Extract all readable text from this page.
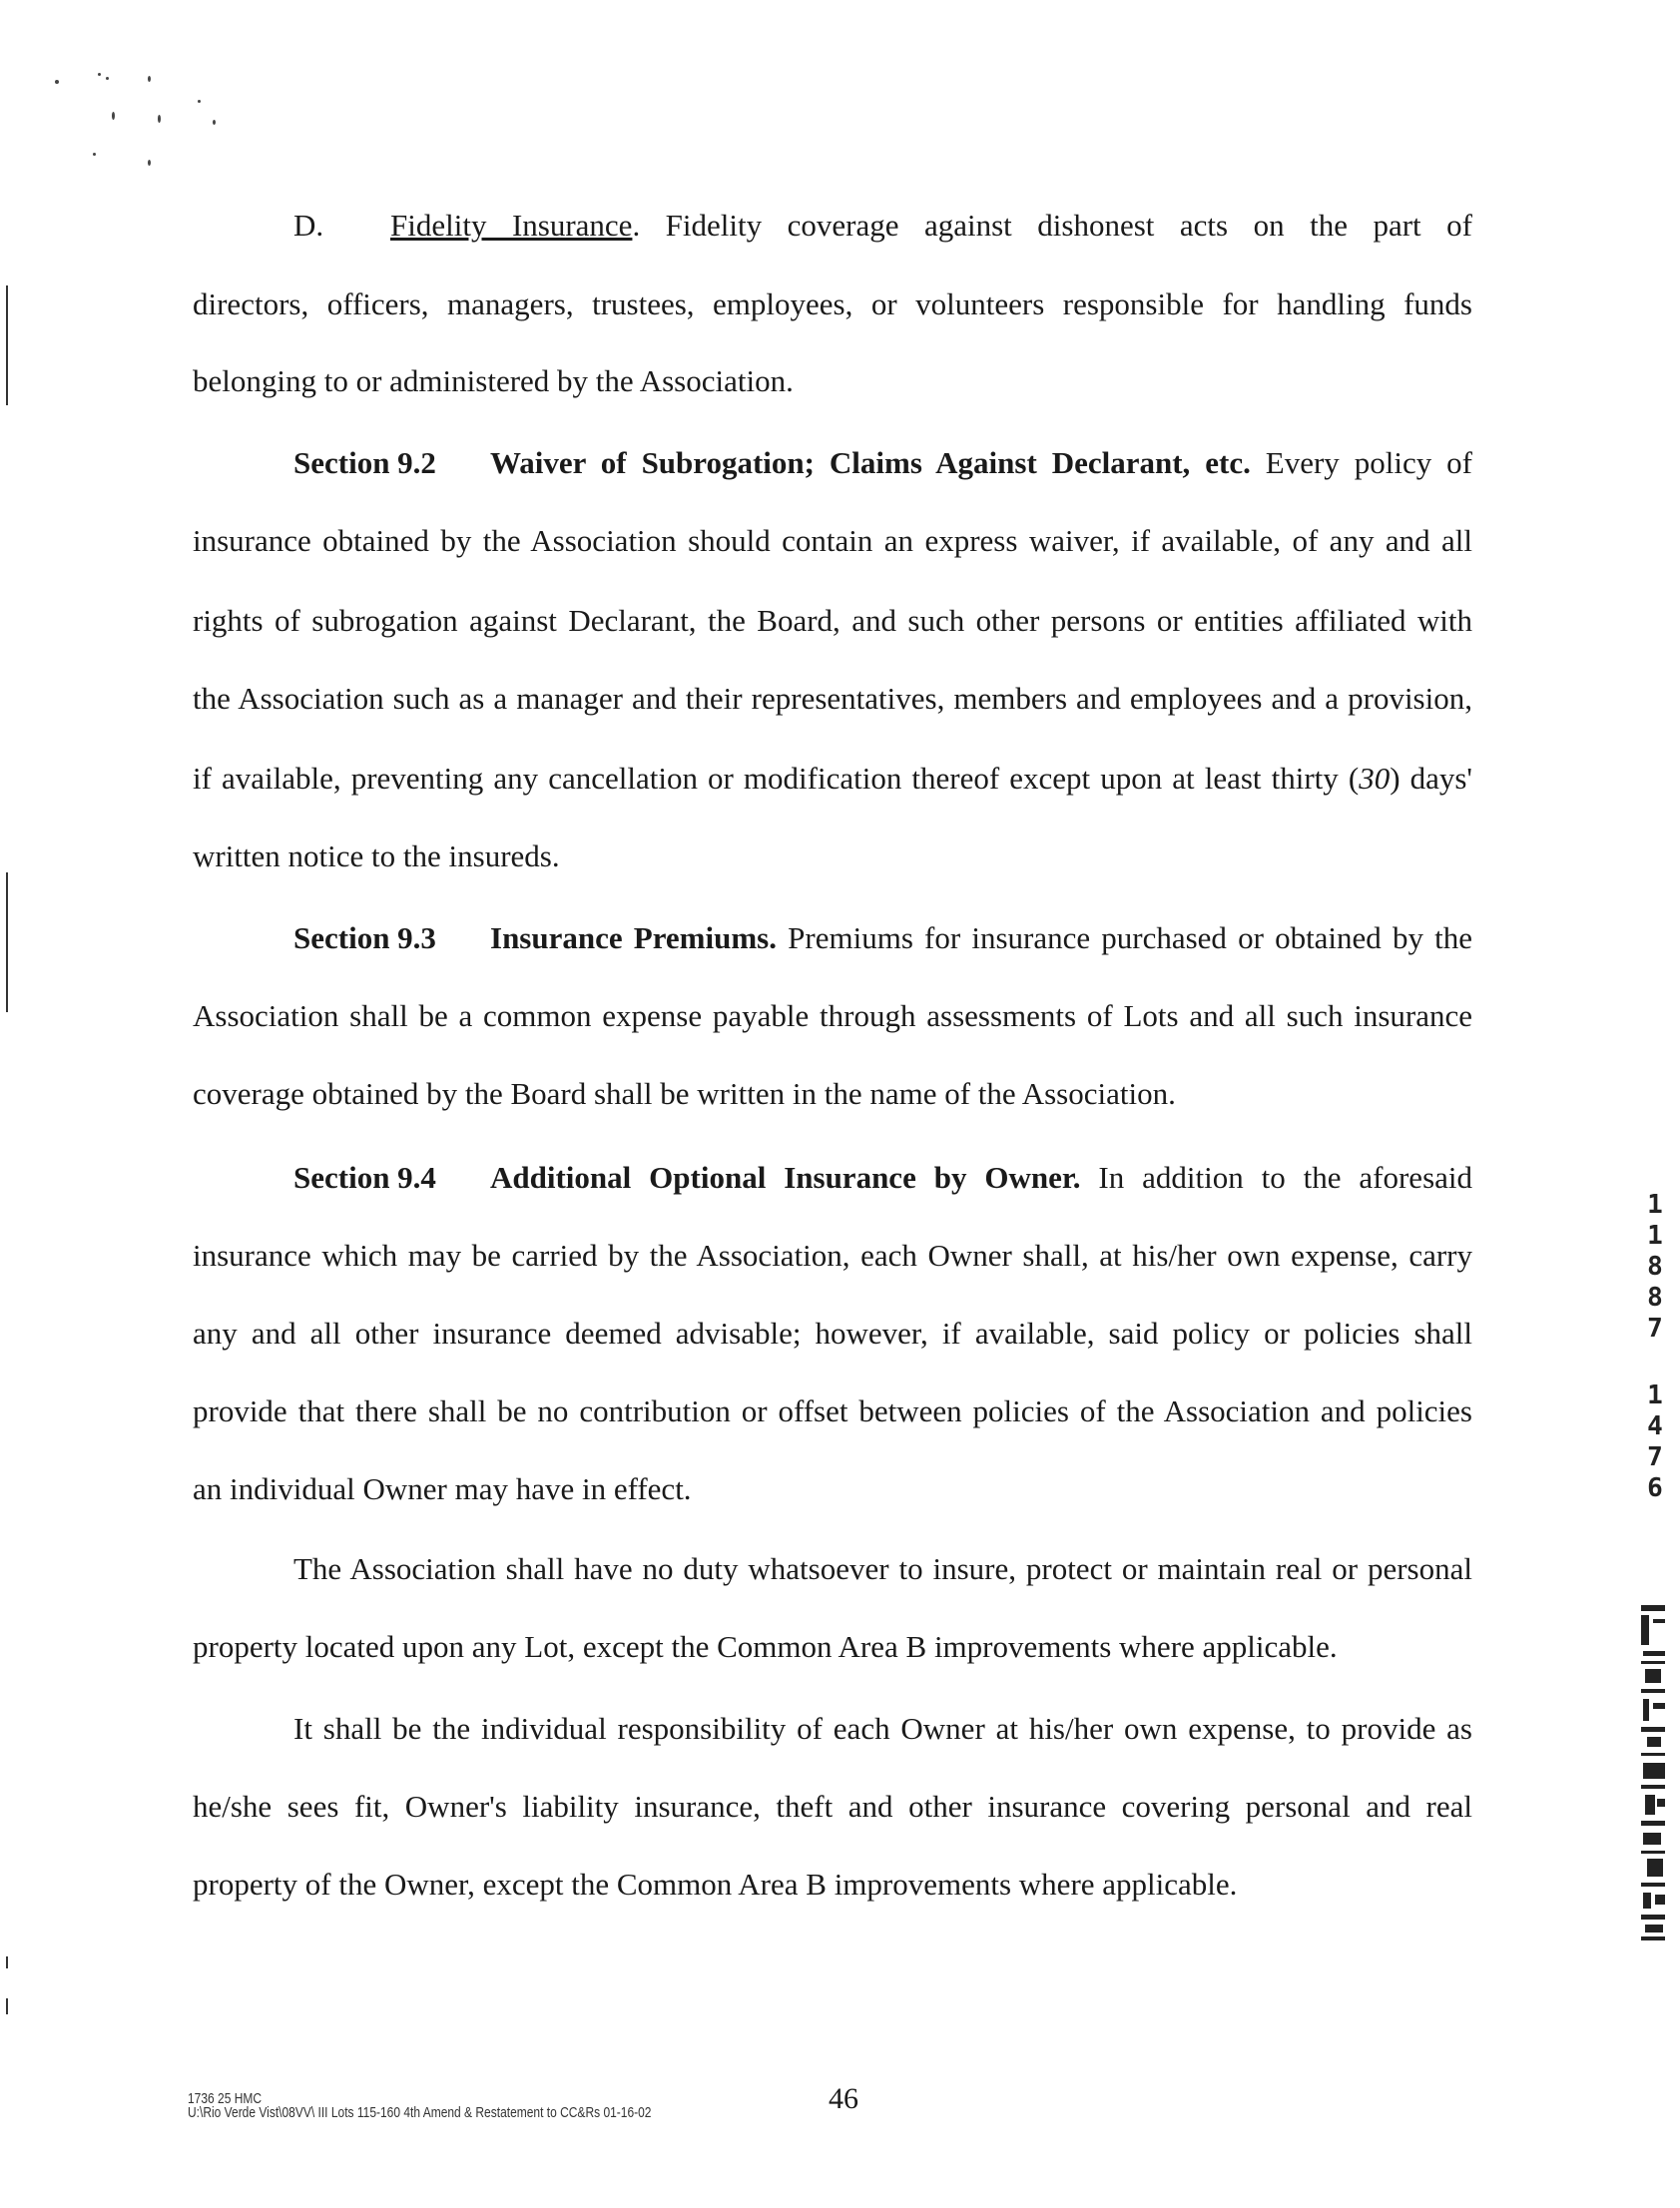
D. Fidelity Insurance. Fidelity coverage against dishonest acts on the part of
directors, officers, managers, trustees, employees, or volunteers responsible for handling funds
belonging to or administered by the Association.
Section 9.2 Waiver of Subrogation; Claims Against Declarant, etc. Every policy of
insurance obtained by the Association should contain an express waiver, if available, of any and all
rights of subrogation against Declarant, the Board, and such other persons or entities affiliated with
the Association such as a manager and their representatives, members and employees and a provision,
if available, preventing any cancellation or modification thereof except upon at least thirty (30) days'
written notice to the insureds.
Section 9.3 Insurance Premiums. Premiums for insurance purchased or obtained by the
Association shall be a common expense payable through assessments of Lots and all such insurance
coverage obtained by the Board shall be written in the name of the Association.
Section 9.4 Additional Optional Insurance by Owner. In addition to the aforesaid
insurance which may be carried by the Association, each Owner shall, at his/her own expense, carry
any and all other insurance deemed advisable; however, if available, said policy or policies shall
provide that there shall be no contribution or offset between policies of the Association and policies
an individual Owner may have in effect.
The Association shall have no duty whatsoever to insure, protect or maintain real or personal
property located upon any Lot, except the Common Area B improvements where applicable.
It shall be the individual responsibility of each Owner at his/her own expense, to provide as
he/she sees fit, Owner's liability insurance, theft and other insurance covering personal and real
property of the Owner, except the Common Area B improvements where applicable.
1
1
8
8
7
1
4
7
6
1736 25 HMC
U:\Rio Verde Vist\08VV\ III Lots 115-160 4th Amend & Restatement to CC&Rs 01-16-02	46
